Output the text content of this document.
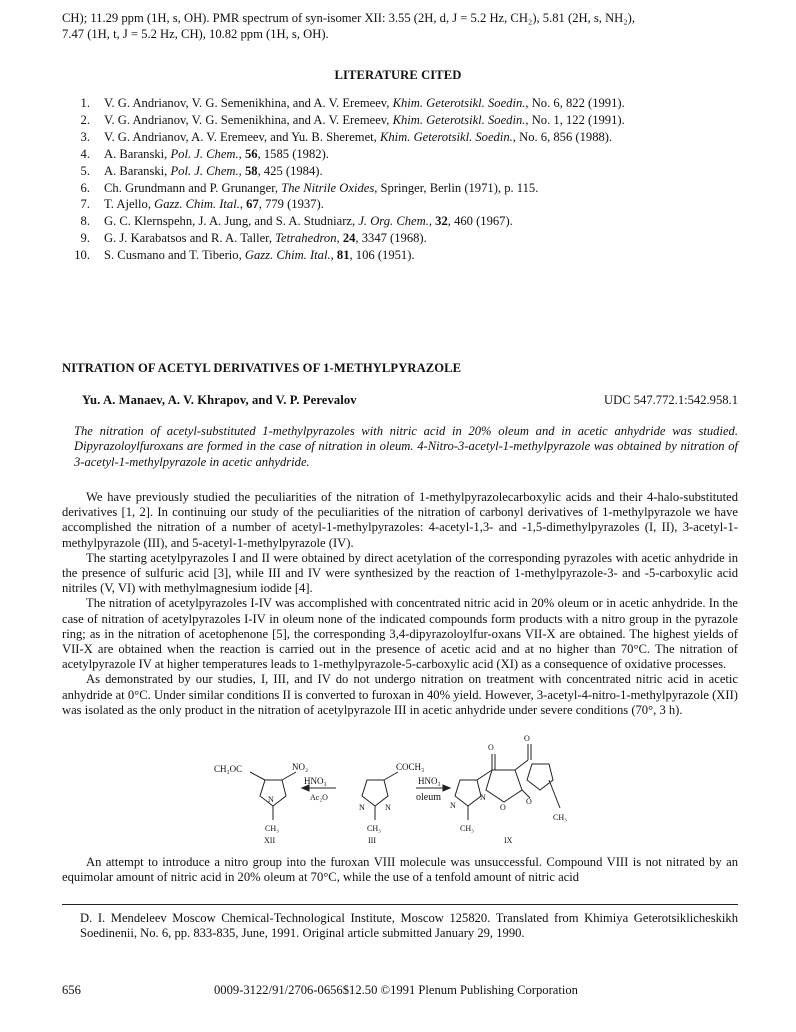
CH); 11.29 ppm (1H, s, OH). PMR spectrum of syn-isomer XII: 3.55 (2H, d, J = 5.2 Hz, CH₂), 5.81 (2H, s, NH₂),
7.47 (1H, t, J = 5.2 Hz, CH), 10.82 ppm (1H, s, OH).
LITERATURE CITED
1. V. G. Andrianov, V. G. Semenikhina, and A. V. Eremeev, Khim. Geterotsikl. Soedin., No. 6, 822 (1991).
2. V. G. Andrianov, V. G. Semenikhina, and A. V. Eremeev, Khim. Geterotsikl. Soedin., No. 1, 122 (1991).
3. V. G. Andrianov, A. V. Eremeev, and Yu. B. Sheremet, Khim. Geterotsikl. Soedin., No. 6, 856 (1988).
4. A. Baranski, Pol. J. Chem., 56, 1585 (1982).
5. A. Baranski, Pol. J. Chem., 58, 425 (1984).
6. Ch. Grundmann and P. Grunanger, The Nitrile Oxides, Springer, Berlin (1971), p. 115.
7. T. Ajello, Gazz. Chim. Ital., 67, 779 (1937).
8. G. C. Klernspehn, J. A. Jung, and S. A. Studniarz, J. Org. Chem., 32, 460 (1967).
9. G. J. Karabatsos and R. A. Taller, Tetrahedron, 24, 3347 (1968).
10. S. Cusmano and T. Tiberio, Gazz. Chim. Ital., 81, 106 (1951).
NITRATION OF ACETYL DERIVATIVES OF 1-METHYLPYRAZOLE
Yu. A. Manaev, A. V. Khrapov, and V. P. Perevalov	UDC 547.772.1:542.958.1
The nitration of acetyl-substituted 1-methylpyrazoles with nitric acid in 20% oleum and in acetic anhydride was studied. Dipyrazoloylfuroxans are formed in the case of nitration in oleum. 4-Nitro-3-acetyl-1-methylpyrazole was obtained by nitration of 3-acetyl-1-methylpyrazole in acetic anhydride.

We have previously studied the peculiarities of the nitration of 1-methylpyrazolecarboxylic acids and their 4-halo-substituted derivatives [1, 2]. In continuing our study of the peculiarities of the nitration of carbonyl derivatives of 1-methylpyrazole we have accomplished the nitration of a number of acetyl-1-methylpyrazoles: 4-acetyl-1,3- and -1,5-dimethylpyrazoles (I, II), 3-acetyl-1-methylpyrazole (III), and 5-acetyl-1-methylpyrazole (IV).

The starting acetylpyrazoles I and II were obtained by direct acetylation of the corresponding pyrazoles with acetic anhydride in the presence of sulfuric acid [3], while III and IV were synthesized by the reaction of 1-methylpyrazole-3- and -5-carboxylic acid nitriles (V, VI) with methylmagnesium iodide [4].

The nitration of acetylpyrazoles I-IV was accomplished with concentrated nitric acid in 20% oleum or in acetic anhydride. In the case of nitration of acetylpyrazoles I-IV in oleum none of the indicated compounds form products with a nitro group in the pyrazole ring; as in the nitration of acetophenone [5], the corresponding 3,4-dipyrazoloylfur-oxans VII-X are obtained. The highest yields of VII-X are obtained when the reaction is carried out in the presence of acetic acid and at no higher than 70°C. The nitration of acetylpyrazole IV at higher temperatures leads to 1-methylpyrazole-5-carboxylic acid (XI) as a consequence of oxidative processes.

As demonstrated by our studies, I, III, and IV do not undergo nitration on treatment with concentrated nitric acid in acetic anhydride at 0°C. Under similar conditions II is converted to furoxan in 40% yield. However, 3-acetyl-4-nitro-1-methylpyrazole (XII) was isolated as the only product in the nitration of acetylpyrazole III in acetic anhydride under severe conditions (70°, 3 h).

CH₃OC	NO₂
N
CH₃
HNO₃
Ac₂O
COCH₃
N	N
CH₃
HNO₃
oleum
N
N
O
O
O
O
CH₃
CH₃
XII	III	IX

An attempt to introduce a nitro group into the furoxan VIII molecule was unsuccessful. Compound VIII is not nitrated by an equimolar amount of nitric acid in 20% oleum at 70°C, while the use of a tenfold amount of nitric acid

D. I. Mendeleev Moscow Chemical-Technological Institute, Moscow 125820. Translated from Khimiya Geterotsiklicheskikh Soedinenii, No. 6, pp. 833-835, June, 1991. Original article submitted January 29, 1990.
656	0009-3122/91/2706-0656$12.50 ©1991 Plenum Publishing Corporation
